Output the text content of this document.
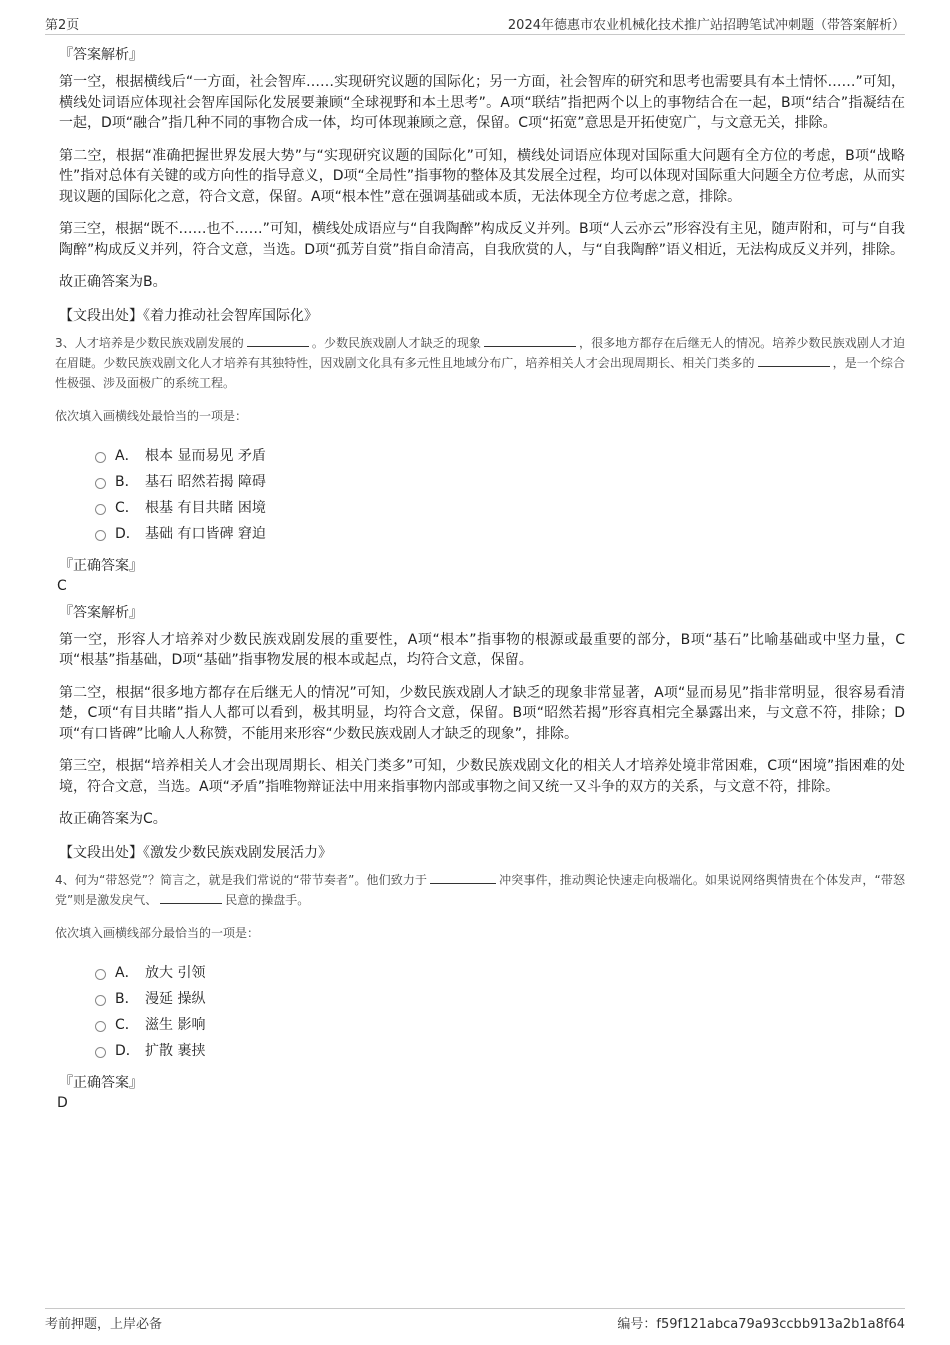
第2页	2024年德惠市农业机械化技术推广站招聘笔试冲刺题（带答案解析）
『答案解析』

第一空，根据横线后“一方面，社会智库……实现研究议题的国际化；另一方面，社会智库的研究和思考也需要具有本土情怀……”可知，横线处词语应体现社会智库国际化发展要兼顾“全球视野和本土思考”。A项“联结”指把两个以上的事物结合在一起，B项“结合”指凝结在一起，D项“融合”指几种不同的事物合成一体，均可体现兼顾之意，保留。C项“拓宽”意思是开拓使宽广，与文意无关，排除。

第二空，根据“准确把握世界发展大势”与“实现研究议题的国际化”可知，横线处词语应体现对国际重大问题有全方位的考虑，B项“战略性”指对总体有关键的或方向性的指导意义，D项“全局性”指事物的整体及其发展全过程，均可以体现对国际重大问题全方位考虑，从而实现议题的国际化之意，符合文意，保留。A项“根本性”意在强调基础或本质，无法体现全方位考虑之意，排除。

第三空，根据“既不……也不……”可知，横线处成语应与“自我陶醉”构成反义并列。B项“人云亦云”形容没有主见，随声附和，可与“自我陶醉”构成反义并列，符合文意，当选。D项“孤芳自赏”指自命清高，自我欣赏的人，与“自我陶醉”语义相近，无法构成反义并列，排除。

故正确答案为B。

【文段出处】《着力推动社会智库国际化》

3、人才培养是少数民族戏剧发展的	。少数民族戏剧人才缺乏的现象	，很多地方都存在后继无人的情况。培养少数民族戏剧人才迫在眉睫。少数民族戏剧文化人才培养有其独特性，因戏剧文化具有多元性且地域分布广，培养相关人才会出现周期长、相关门类多的	，是一个综合性极强、涉及面极广的系统工程。

依次填入画横线处最恰当的一项是：
A． 根本 显而易见 矛盾
B． 基石 昭然若揭 障碍
C． 根基 有目共睹 困境
D． 基础 有口皆碑 窘迫
『正确答案』
C
『答案解析』

第一空，形容人才培养对少数民族戏剧发展的重要性，A项“根本”指事物的根源或最重要的部分，B项“基石”比喻基础或中坚力量，C项“根基”指基础，D项“基础”指事物发展的根本或起点，均符合文意，保留。

第二空，根据“很多地方都存在后继无人的情况”可知，少数民族戏剧人才缺乏的现象非常显著，A项“显而易见”指非常明显，很容易看清楚，C项“有目共睹”指人人都可以看到，极其明显，均符合文意，保留。B项“昭然若揭”形容真相完全暴露出来，与文意不符，排除；D项“有口皆碑”比喻人人称赞，不能用来形容“少数民族戏剧人才缺乏的现象”，排除。

第三空，根据“培养相关人才会出现周期长、相关门类多”可知，少数民族戏剧文化的相关人才培养处境非常困难，C项“困境”指困难的处境，符合文意，当选。A项“矛盾”指唯物辩证法中用来指事物内部或事物之间又统一又斗争的双方的关系，与文意不符，排除。

故正确答案为C。

【文段出处】《激发少数民族戏剧发展活力》

4、何为“带怒党”？简言之，就是我们常说的“带节奏者”。他们致力于	冲突事件，推动舆论快速走向极端化。如果说网络舆情贵在个体发声，“带怒党”则是激发戾气、	民意的操盘手。

依次填入画横线部分最恰当的一项是：
A． 放大 引领
B． 漫延 操纵
C． 滋生 影响
D． 扩散 裹挟
『正确答案』
D
考前押题，上岸必备	编号：f59f121abca79a93ccbb913a2b1a8f64
